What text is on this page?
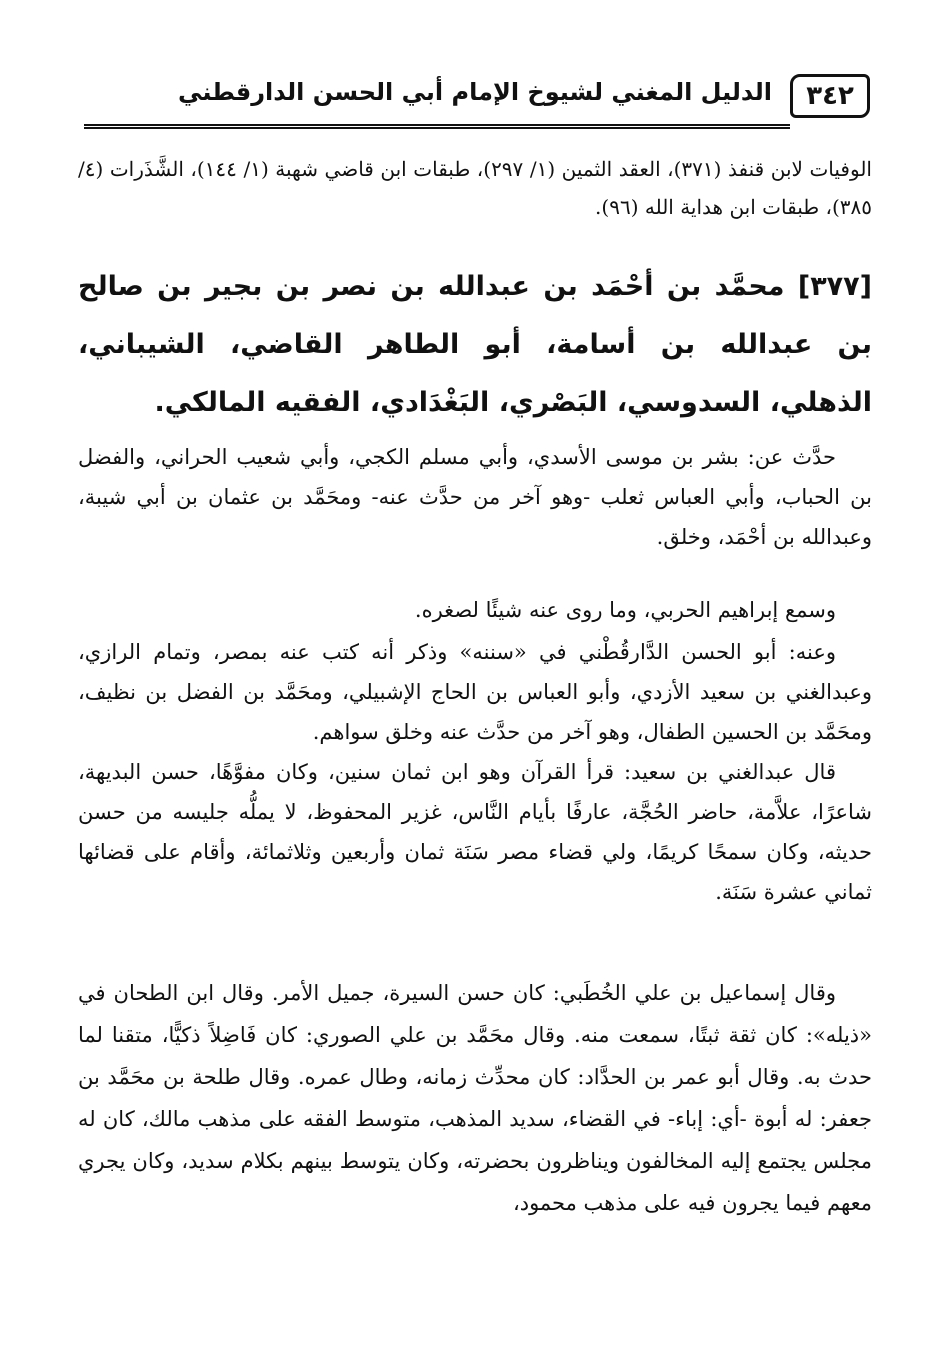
٣٤٢
الدليل المغني لشيوخ الإمام أبي الحسن الدارقطني
الوفيات لابن قنفذ (٣٧١)، العقد الثمين (١/ ٢٩٧)، طبقات ابن قاضي شهبة (١/ ١٤٤)، الشَّذَرات (٤/ ٣٨٥)، طبقات ابن هداية الله (٩٦).
[٣٧٧] محمَّد بن أحْمَد بن عبدالله بن نصر بن بجير بن صالح بن عبدالله بن أسامة، أبو الطاهر القاضي، الشيباني، الذهلي، السدوسي، البَصْري، البَغْدَادي، الفقيه المالكي.

حدَّث عن: بشر بن موسى الأسدي، وأبي مسلم الكجي، وأبي شعيب الحراني، والفضل بن الحباب، وأبي العباس ثعلب -وهو آخر من حدَّث عنه- ومحَمَّد بن عثمان بن أبي شيبة، وعبدالله بن أحْمَد، وخلق.

وسمع إبراهيم الحربي، وما روى عنه شيئًا لصغره.

وعنه: أبو الحسن الدَّارقُطْني في «سننه» وذكر أنه كتب عنه بمصر، وتمام الرازي، وعبدالغني بن سعيد الأزدي، وأبو العباس بن الحاج الإشبيلي، ومحَمَّد بن الفضل بن نظيف، ومحَمَّد بن الحسين الطفال، وهو آخر من حدَّث عنه وخلق سواهم.

قال عبدالغني بن سعيد: قرأ القرآن وهو ابن ثمان سنين، وكان مفوَّهًا، حسن البديهة، شاعرًا، علاَّمة، حاضر الحُجَّة، عارفًا بأيام النَّاس، غزير المحفوظ، لا يملُّه جليسه من حسن حديثه، وكان سمحًا كريمًا، ولي قضاء مصر سَنَة ثمان وأربعين وثلاثمائة، وأقام على قضائها ثماني عشرة سَنَة.

وقال إسماعيل بن علي الخُطَبي: كان حسن السيرة، جميل الأمر. وقال ابن الطحان في «ذيله»: كان ثقة ثبتًا، سمعت منه. وقال محَمَّد بن علي الصوري: كان فَاضِلاً ذكيًّا، متقنا لما حدث به. وقال أبو عمر بن الحدَّاد: كان محدِّث زمانه، وطال عمره. وقال طلحة بن محَمَّد بن جعفر: له أبوة -أي: إباء- في القضاء، سديد المذهب، متوسط الفقه على مذهب مالك، كان له مجلس يجتمع إليه المخالفون ويناظرون بحضرته، وكان يتوسط بينهم بكلام سديد، وكان يجري معهم فيما يجرون فيه على مذهب محمود،
